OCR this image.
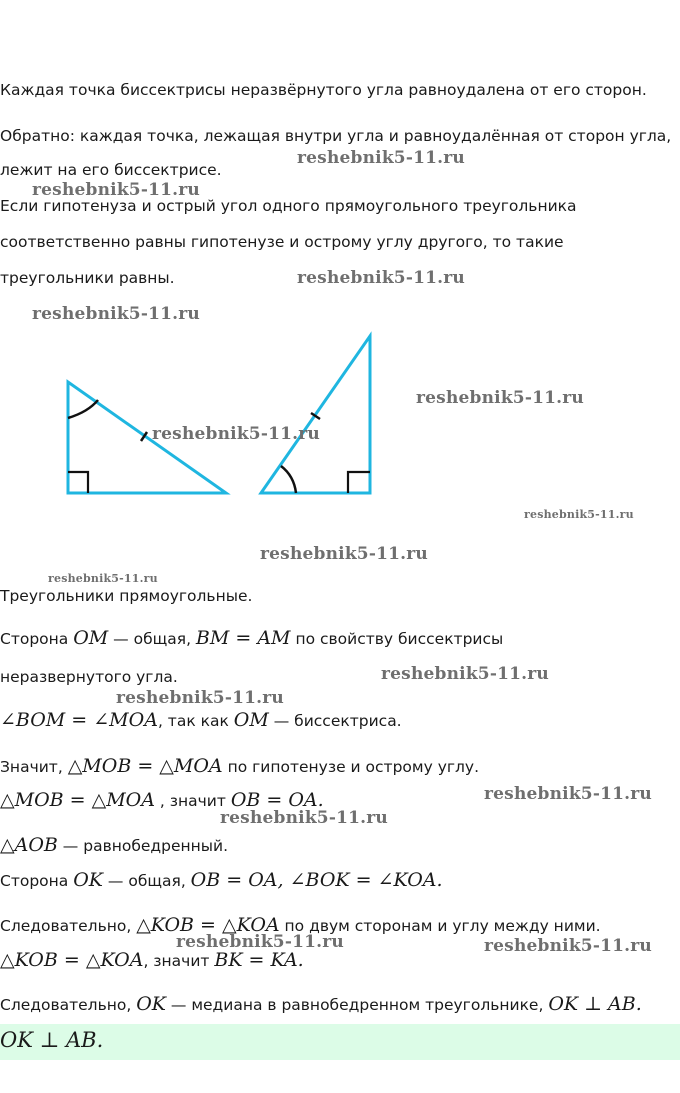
Каждая точка биссектрисы неразвёрнутого угла равноудалена от его сторон.
Обратно: каждая точка, лежащая внутри угла и равноудалённая от сторон угла,
лежит на его биссектрисе.
Если гипотенуза и острый угол одного прямоугольного треугольника
соответственно равны гипотенузе и острому углу другого, то такие
треугольники равны.
Треугольники прямоугольные.
Сторона OM — общая, BM = AM по свойству биссектрисы
неразвернутого угла.
∠BOM = ∠MOA, так как OM — биссектриса.
Значит, △MOB = △MOA по гипотенузе и острому углу.
△MOB = △MOA , значит OB = OA.
△AOB — равнобедренный.
Сторона OK — общая, OB = OA, ∠BOK = ∠KOA.
Следовательно, △KOB = △KOA по двум сторонам и углу между ними.
△KOB = △KOA, значит BK = KA.
Следовательно, OK — медиана в равнобедренном треугольнике, OK ⊥ AB.
OK ⊥ AB.
reshebnik5-11.ru
reshebnik5-11.ru
reshebnik5-11.ru
reshebnik5-11.ru
reshebnik5-11.ru
reshebnik5-11.ru
reshebnik5-11.ru
reshebnik5-11.ru
reshebnik5-11.ru
reshebnik5-11.ru
reshebnik5-11.ru
reshebnik5-11.ru
reshebnik5-11.ru
reshebnik5-11.ru	reshebnik5-11.ru
